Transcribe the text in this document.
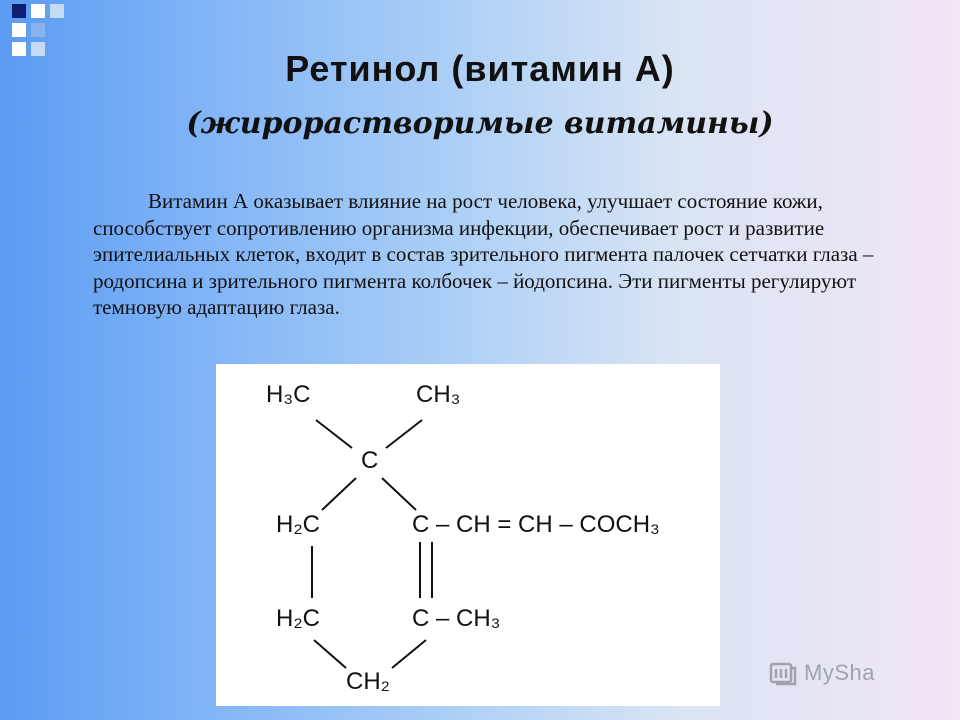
Ретинол (витамин А)
(жирорастворимые витамины)
Витамин А оказывает влияние на рост человека, улучшает состояние кожи, способствует сопротивлению организма инфекции, обеспечивает рост и развитие эпителиальных клеток, входит в состав зрительного пигмента палочек сетчатки глаза – родопсина и зрительного пигмента колбочек – йодопсина. Эти пигменты регулируют темновую адаптацию глаза.
H₃C	CH₃
C
H₂C	C – CH = CH – COCH₃
H₂C	C – CH₃
CH₂	MySha
